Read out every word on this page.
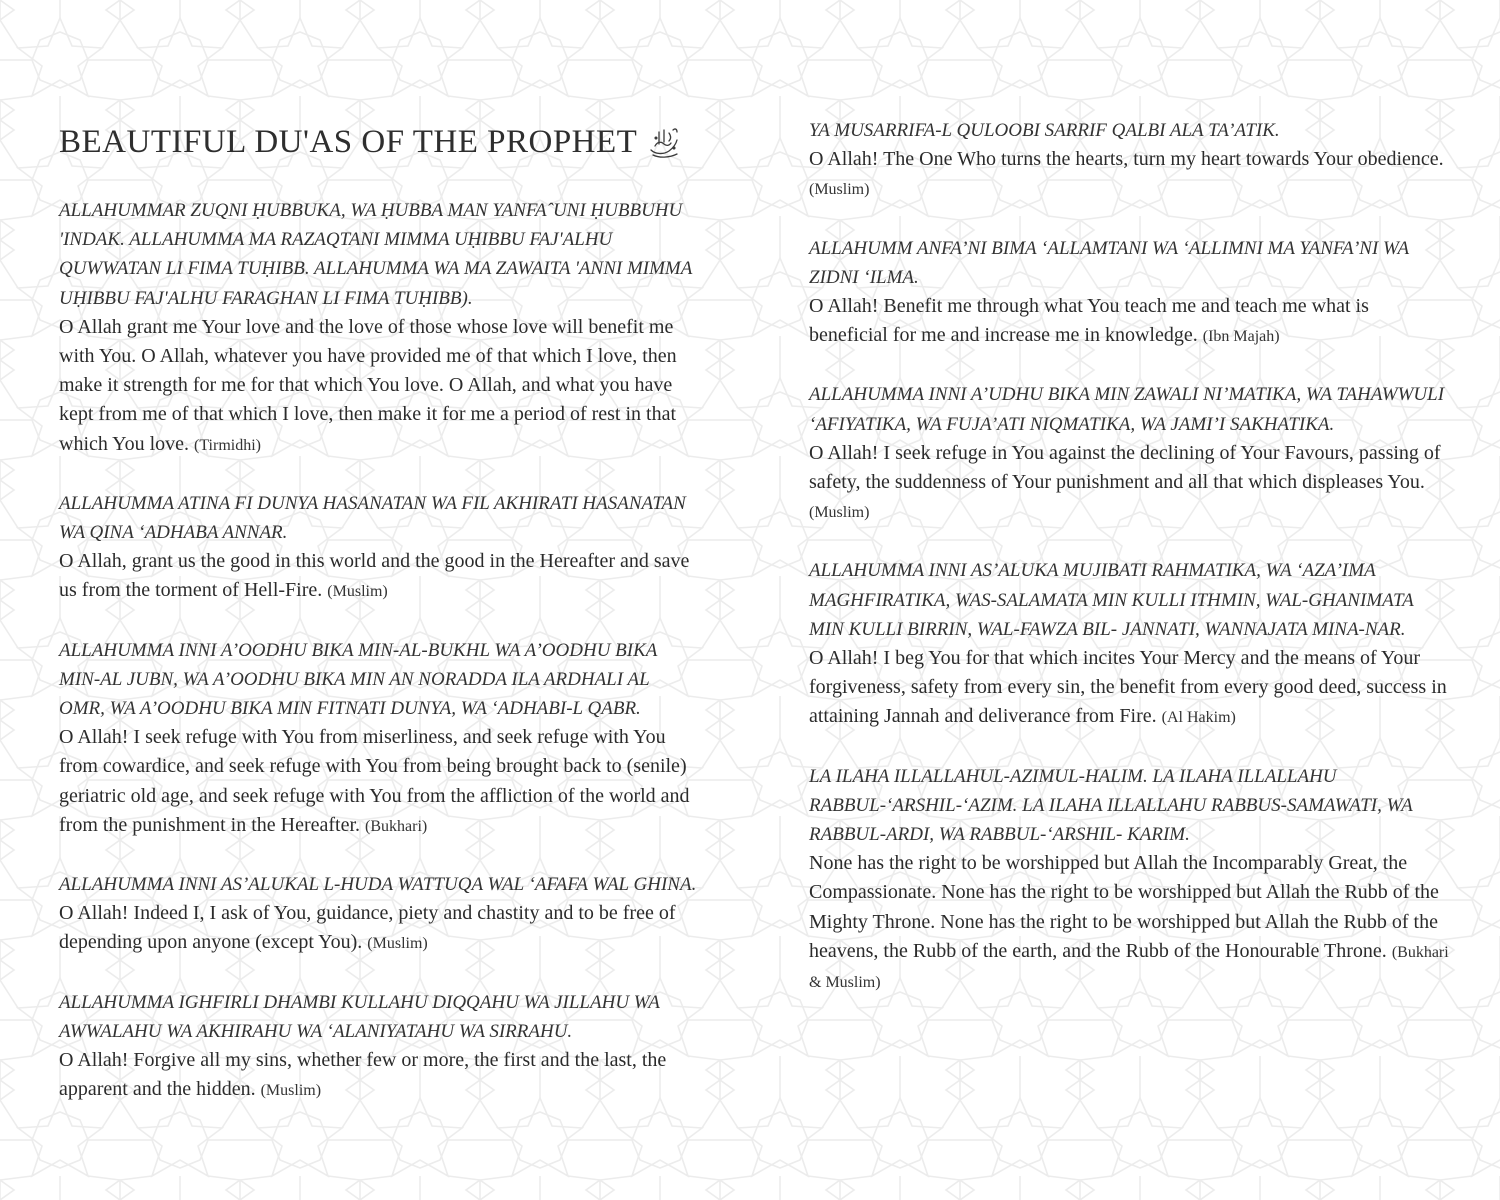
BEAUTIFUL DU'AS OF THE PROPHET

ALLAHUMMAR ZUQNI ḤUBBUKA, WA ḤUBBA MAN YANFAˆUNI ḤUBBUHU 'INDAK. ALLAHUMMA MA RAZAQTANI MIMMA UḤIBBU FAJ'ALHU QUWWATAN LI FIMA TUḤIBB. ALLAHUMMA WA MA ZAWAITA 'ANNI MIMMA UḤIBBU FAJ'ALHU FARAGHAN LI FIMA TUḤIBB).

O Allah grant me Your love and the love of those whose love will benefit me with You. O Allah, whatever you have provided me of that which I love, then make it strength for me for that which You love. O Allah, and what you have kept from me of that which I love, then make it for me a period of rest in that which You love. (Tirmidhi)

ALLAHUMMA ATINA FI DUNYA HASANATAN WA FIL AKHIRATI HASANATAN WA QINA ‘ADHABA ANNAR.

O Allah, grant us the good in this world and the good in the Hereafter and save us from the torment of Hell-Fire. (Muslim)

ALLAHUMMA INNI A’OODHU BIKA MIN-AL-BUKHL WA A’OODHU BIKA MIN-AL JUBN, WA A’OODHU BIKA MIN AN NORADDA ILA ARDHALI AL OMR, WA A’OODHU BIKA MIN FITNATI DUNYA, WA ‘ADHABI-L QABR.

O Allah! I seek refuge with You from miserliness, and seek refuge with You from cowardice, and seek refuge with You from being brought back to (senile) geriatric old age, and seek refuge with You from the affliction of the world and from the punishment in the Hereafter. (Bukhari)

ALLAHUMMA INNI AS’ALUKAL L-HUDA WATTUQA WAL ‘AFAFA WAL GHINA.

O Allah! Indeed I, I ask of You, guidance, piety and chastity and to be free of depending upon anyone (except You). (Muslim)

ALLAHUMMA IGHFIRLI DHAMBI KULLAHU DIQQAHU WA JILLAHU WA AWWALAHU WA AKHIRAHU WA ‘ALANIYATAHU WA SIRRAHU.

O Allah! Forgive all my sins, whether few or more, the first and the last, the apparent and the hidden. (Muslim)

YA MUSARRIFA-L QULOOBI SARRIF QALBI ALA TA’ATIK.

O Allah! The One Who turns the hearts, turn my heart towards Your obedience. (Muslim)

ALLAHUMM ANFA’NI BIMA ‘ALLAMTANI WA ‘ALLIMNI MA YANFA’NI WA ZIDNI ‘ILMA.

O Allah! Benefit me through what You teach me and teach me what is beneficial for me and increase me in knowledge. (Ibn Majah)

ALLAHUMMA INNI A’UDHU BIKA MIN ZAWALI NI’MATIKA, WA TAHAWWULI ‘AFIYATIKA, WA FUJA’ATI NIQMATIKA, WA JAMI’I SAKHATIKA.

O Allah! I seek refuge in You against the declining of Your Favours, passing of safety, the suddenness of Your punishment and all that which displeases You. (Muslim)

ALLAHUMMA INNI AS’ALUKA MUJIBATI RAHMATIKA, WA ‘AZA’IMA MAGHFIRATIKA, WAS-SALAMATA MIN KULLI ITHMIN, WAL-GHANIMATA MIN KULLI BIRRIN, WAL-FAWZA BIL- JANNATI, WANNAJATA MINA-NAR.

O Allah! I beg You for that which incites Your Mercy and the means of Your forgiveness, safety from every sin, the benefit from every good deed, success in attaining Jannah and deliverance from Fire. (Al Hakim)

LA ILAHA ILLALLAHUL-AZIMUL-HALIM. LA ILAHA ILLALLAHU RABBUL-‘ARSHIL-‘AZIM. LA ILAHA ILLALLAHU RABBUS-SAMAWATI, WA RABBUL-ARDI, WA RABBUL-‘ARSHIL- KARIM.

None has the right to be worshipped but Allah the Incomparably Great, the Compassionate. None has the right to be worshipped but Allah the Rubb of the Mighty Throne. None has the right to be worshipped but Allah the Rubb of the heavens, the Rubb of the earth, and the Rubb of the Honourable Throne. (Bukhari & Muslim)
